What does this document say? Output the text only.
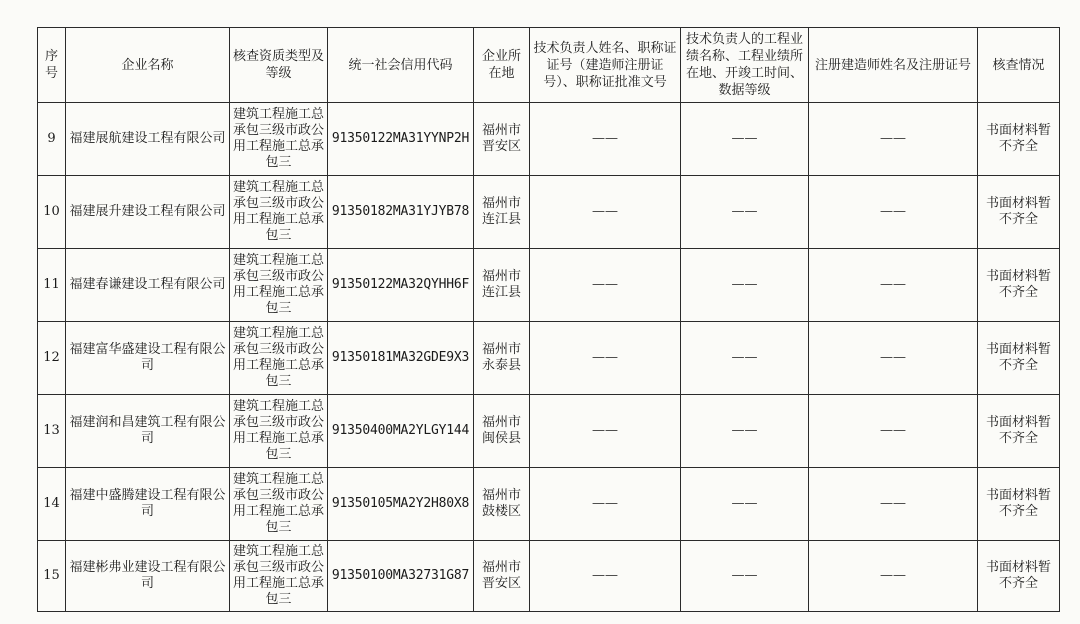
序号	企业名称	核查资质类型及等级	统一社会信用代码	企业所在地	技术负责人姓名、职称证证号（建造师注册证号）、职称证批准文号	技术负责人的工程业绩名称、工程业绩所在地、开竣工时间、数据等级	注册建造师姓名及注册证号	核查情况
9	福建展航建设工程有限公司	建筑工程施工总承包三级市政公用工程施工总承包三	91350122MA31YYNP2H	福州市晋安区	——	——	——	书面材料暂不齐全
10	福建展升建设工程有限公司	建筑工程施工总承包三级市政公用工程施工总承包三	91350182MA31YJYB78	福州市连江县	——	——	——	书面材料暂不齐全
11	福建春谦建设工程有限公司	建筑工程施工总承包三级市政公用工程施工总承包三	91350122MA32QYHH6F	福州市连江县	——	——	——	书面材料暂不齐全
12	福建富华盛建设工程有限公司	建筑工程施工总承包三级市政公用工程施工总承包三	91350181MA32GDE9X3	福州市永泰县	——	——	——	书面材料暂不齐全
13	福建润和昌建筑工程有限公司	建筑工程施工总承包三级市政公用工程施工总承包三	91350400MA2YLGY144	福州市闽侯县	——	——	——	书面材料暂不齐全
14	福建中盛腾建设工程有限公司	建筑工程施工总承包三级市政公用工程施工总承包三	91350105MA2Y2H80X8	福州市鼓楼区	——	——	——	书面材料暂不齐全
15	福建彬弗业建设工程有限公司	建筑工程施工总承包三级市政公用工程施工总承包三	91350100MA32731G87	福州市晋安区	——	——	——	书面材料暂不齐全
